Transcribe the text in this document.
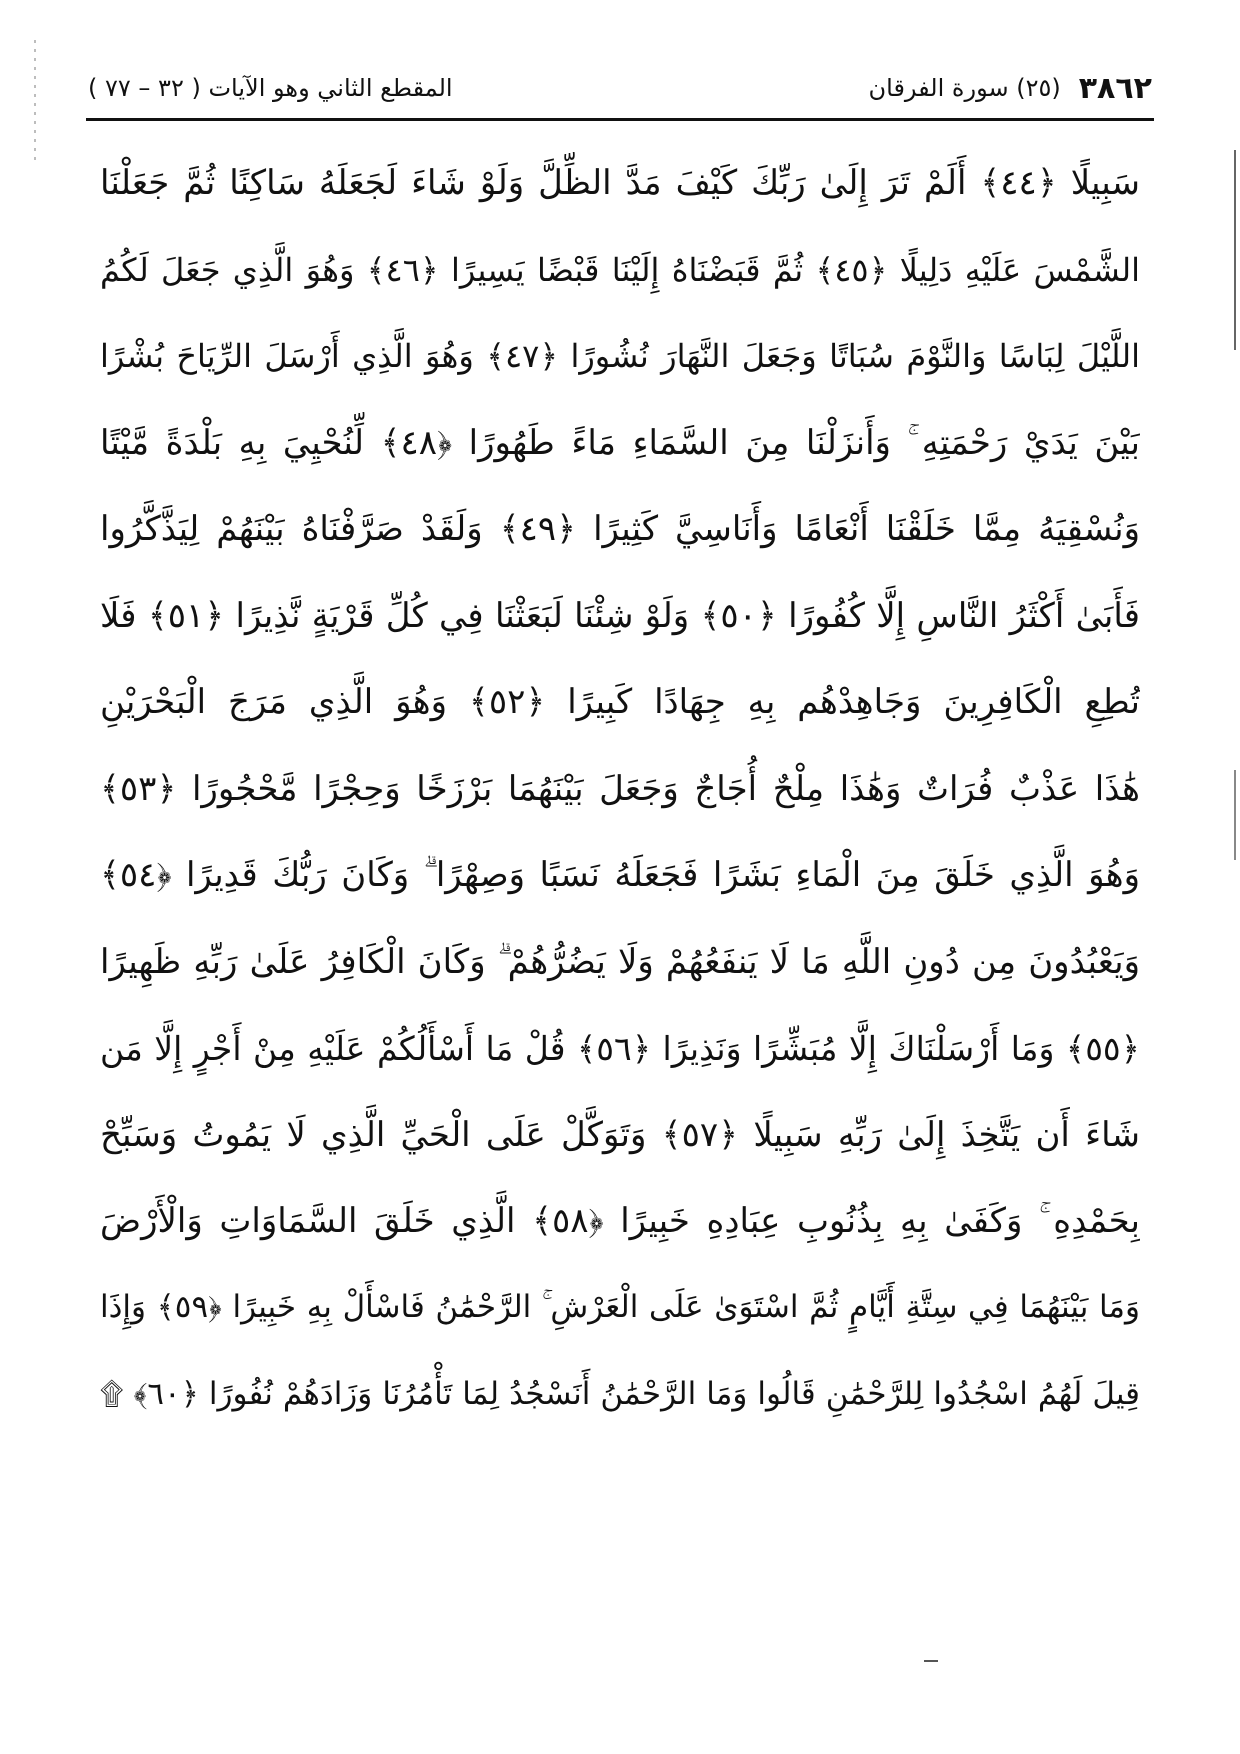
٣٨٦٢
(٢٥) سورة الفرقان
المقطع الثاني وهو الآيات ( ٣٢ – ٧٧ )
سَبِيلًا ﴿٤٤﴾ أَلَمْ تَرَ إِلَىٰ رَبِّكَ كَيْفَ مَدَّ الظِّلَّ وَلَوْ شَاءَ لَجَعَلَهُ سَاكِنًا ثُمَّ جَعَلْنَا
الشَّمْسَ عَلَيْهِ دَلِيلًا ﴿٤٥﴾ ثُمَّ قَبَضْنَاهُ إِلَيْنَا قَبْضًا يَسِيرًا ﴿٤٦﴾ وَهُوَ الَّذِي جَعَلَ لَكُمُ
اللَّيْلَ لِبَاسًا وَالنَّوْمَ سُبَاتًا وَجَعَلَ النَّهَارَ نُشُورًا ﴿٤٧﴾ وَهُوَ الَّذِي أَرْسَلَ الرِّيَاحَ بُشْرًا
بَيْنَ يَدَيْ رَحْمَتِهِ ۚ وَأَنزَلْنَا مِنَ السَّمَاءِ مَاءً طَهُورًا ﴿٤٨﴾ لِّنُحْيِيَ بِهِ بَلْدَةً مَّيْتًا
وَنُسْقِيَهُ مِمَّا خَلَقْنَا أَنْعَامًا وَأَنَاسِيَّ كَثِيرًا ﴿٤٩﴾ وَلَقَدْ صَرَّفْنَاهُ بَيْنَهُمْ لِيَذَّكَّرُوا
فَأَبَىٰ أَكْثَرُ النَّاسِ إِلَّا كُفُورًا ﴿٥٠﴾ وَلَوْ شِئْنَا لَبَعَثْنَا فِي كُلِّ قَرْيَةٍ نَّذِيرًا ﴿٥١﴾ فَلَا
تُطِعِ الْكَافِرِينَ وَجَاهِدْهُم بِهِ جِهَادًا كَبِيرًا ﴿٥٢﴾ وَهُوَ الَّذِي مَرَجَ الْبَحْرَيْنِ
هَٰذَا عَذْبٌ فُرَاتٌ وَهَٰذَا مِلْحٌ أُجَاجٌ وَجَعَلَ بَيْنَهُمَا بَرْزَخًا وَحِجْرًا مَّحْجُورًا ﴿٥٣﴾
وَهُوَ الَّذِي خَلَقَ مِنَ الْمَاءِ بَشَرًا فَجَعَلَهُ نَسَبًا وَصِهْرًا ۗ وَكَانَ رَبُّكَ قَدِيرًا ﴿٥٤﴾
وَيَعْبُدُونَ مِن دُونِ اللَّهِ مَا لَا يَنفَعُهُمْ وَلَا يَضُرُّهُمْ ۗ وَكَانَ الْكَافِرُ عَلَىٰ رَبِّهِ ظَهِيرًا
﴿٥٥﴾ وَمَا أَرْسَلْنَاكَ إِلَّا مُبَشِّرًا وَنَذِيرًا ﴿٥٦﴾ قُلْ مَا أَسْأَلُكُمْ عَلَيْهِ مِنْ أَجْرٍ إِلَّا مَن
شَاءَ أَن يَتَّخِذَ إِلَىٰ رَبِّهِ سَبِيلًا ﴿٥٧﴾ وَتَوَكَّلْ عَلَى الْحَيِّ الَّذِي لَا يَمُوتُ وَسَبِّحْ
بِحَمْدِهِ ۚ وَكَفَىٰ بِهِ بِذُنُوبِ عِبَادِهِ خَبِيرًا ﴿٥٨﴾ الَّذِي خَلَقَ السَّمَاوَاتِ وَالْأَرْضَ
وَمَا بَيْنَهُمَا فِي سِتَّةِ أَيَّامٍ ثُمَّ اسْتَوَىٰ عَلَى الْعَرْشِ ۚ الرَّحْمَٰنُ فَاسْأَلْ بِهِ خَبِيرًا ﴿٥٩﴾ وَإِذَا
قِيلَ لَهُمُ اسْجُدُوا لِلرَّحْمَٰنِ قَالُوا وَمَا الرَّحْمَٰنُ أَنَسْجُدُ لِمَا تَأْمُرُنَا وَزَادَهُمْ نُفُورًا ﴿٦٠﴾ ۩
